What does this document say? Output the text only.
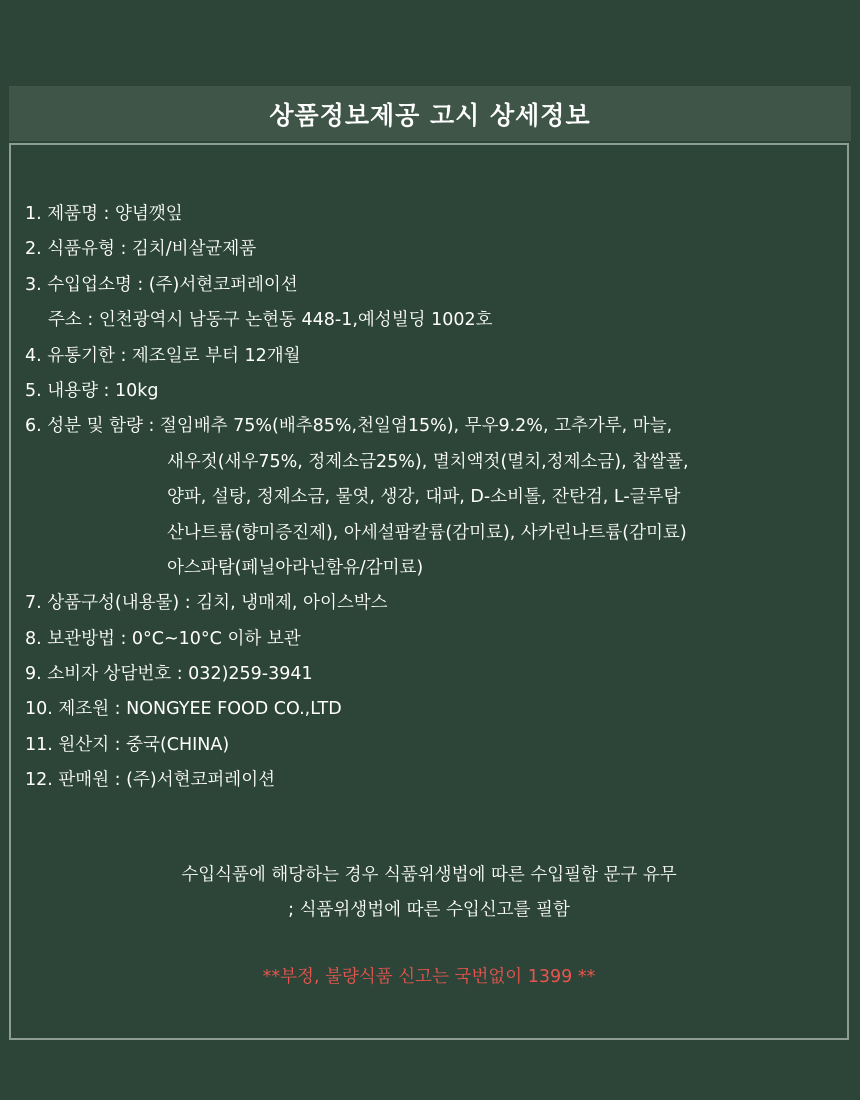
상품정보제공 고시 상세정보
1. 제품명 : 양념깻잎
2. 식품유형 : 김치/비살균제품
3. 수입업소명 : (주)서현코퍼레이션
주소 : 인천광역시 남동구 논현동 448-1,예성빌딩 1002호
4. 유통기한 : 제조일로 부터 12개월
5. 내용량 : 10kg
6. 성분 및 함량 : 절임배추 75%(배추85%,천일염15%), 무우9.2%, 고추가루, 마늘,
새우젓(새우75%, 정제소금25%), 멸치액젓(멸치,정제소금), 찹쌀풀,
양파, 설탕, 정제소금, 물엿, 생강, 대파, D-소비톨, 잔탄검, L-글루탐
산나트륨(향미증진제), 아세설팜칼륨(감미료), 사카린나트륨(감미료)
아스파탐(페닐아라닌함유/감미료)
7. 상품구성(내용물) : 김치, 냉매제, 아이스박스
8. 보관방법 : 0°C~10°C 이하 보관
9. 소비자 상담번호 : 032)259-3941
10. 제조원 : NONGYEE FOOD CO.,LTD
11. 원산지 : 중국(CHINA)
12. 판매원 : (주)서현코퍼레이션
수입식품에 해당하는 경우 식품위생법에 따른 수입필함 문구 유무
; 식품위생법에 따른 수입신고를 필함
**부정, 불량식품 신고는 국번없이 1399 **
